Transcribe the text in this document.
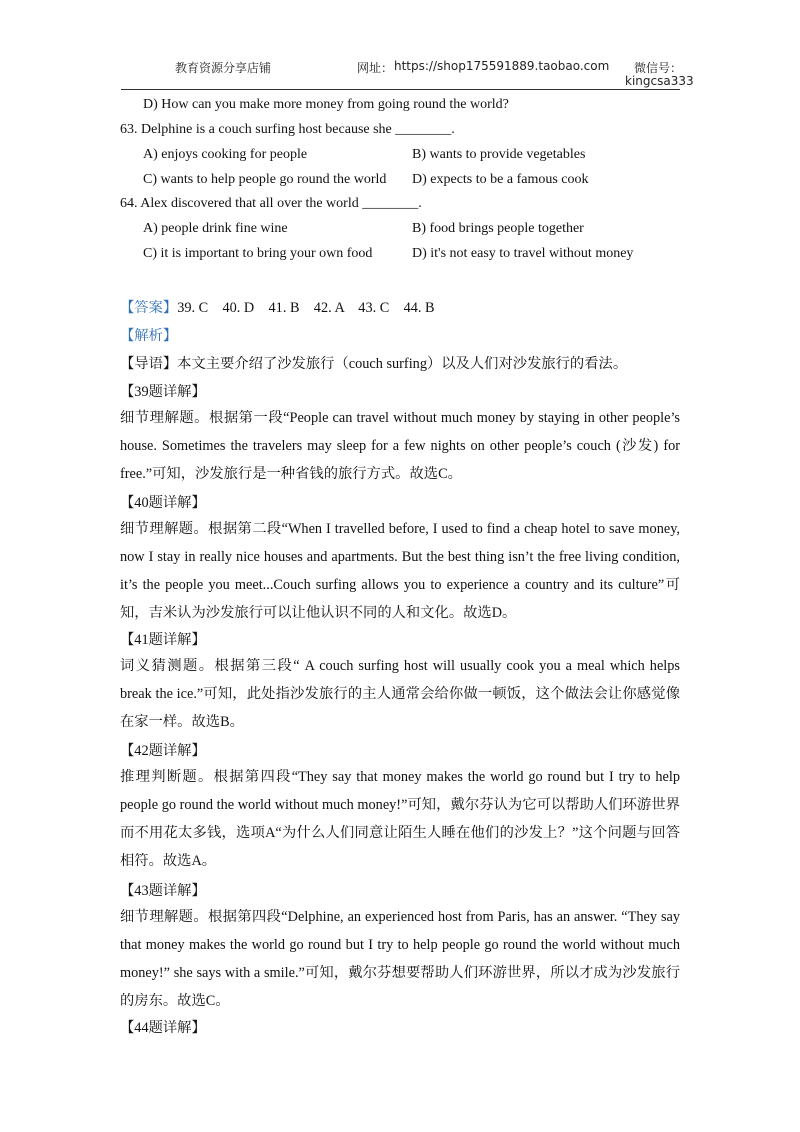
教育资源分享店铺	网址： https://shop175591889.taobao.com 微信号：
kingcsa333
D) How can you make more money from going round the world?
63. Delphine is a couch surfing host because she ________.
A) enjoys cooking for people	B) wants to provide vegetables
C) wants to help people go round the world D) expects to be a famous cook
64. Alex discovered that all over the world ________.
A) people drink fine wine	B) food brings people together
C) it is important to bring your own food	D) it's not easy to travel without money
【答案】39. C    40. D    41. B    42. A    43. C    44. B
【解析】
【导语】本文主要介绍了沙发旅行（couch surfing）以及人们对沙发旅行的看法。
【39题详解】
细节理解题。根据第一段“People can travel without much money by staying in other people’s house. Sometimes the travelers may sleep for a few nights on other people’s couch (沙发) for free.”可知，沙发旅行是一种省钱的旅行方式。故选C。
【40题详解】
细节理解题。根据第二段“When I travelled before, I used to find a cheap hotel to save money, now I stay in really nice houses and apartments. But the best thing isn’t the free living condition, it’s the people you meet...Couch surfing allows you to experience a country and its culture”可知，吉米认为沙发旅行可以让他认识不同的人和文化。故选D。
【41题详解】
词义猜测题。根据第三段“ A couch surfing host will usually cook you a meal which helps break the ice.”可知，此处指沙发旅行的主人通常会给你做一顿饭，这个做法会让你感觉像在家一样。故选B。
【42题详解】
推理判断题。根据第四段“They say that money makes the world go round but I try to help people go round the world without much money!”可知，戴尔芬认为它可以帮助人们环游世界而不用花太多钱，选项A“为什么人们同意让陌生人睡在他们的沙发上？”这个问题与回答相符。故选A。
【43题详解】
细节理解题。根据第四段“Delphine, an experienced host from Paris, has an answer. “They say that money makes the world go round but I try to help people go round the world without much money!” she says with a smile.”可知，戴尔芬想要帮助人们环游世界，所以才成为沙发旅行的房东。故选C。
【44题详解】
